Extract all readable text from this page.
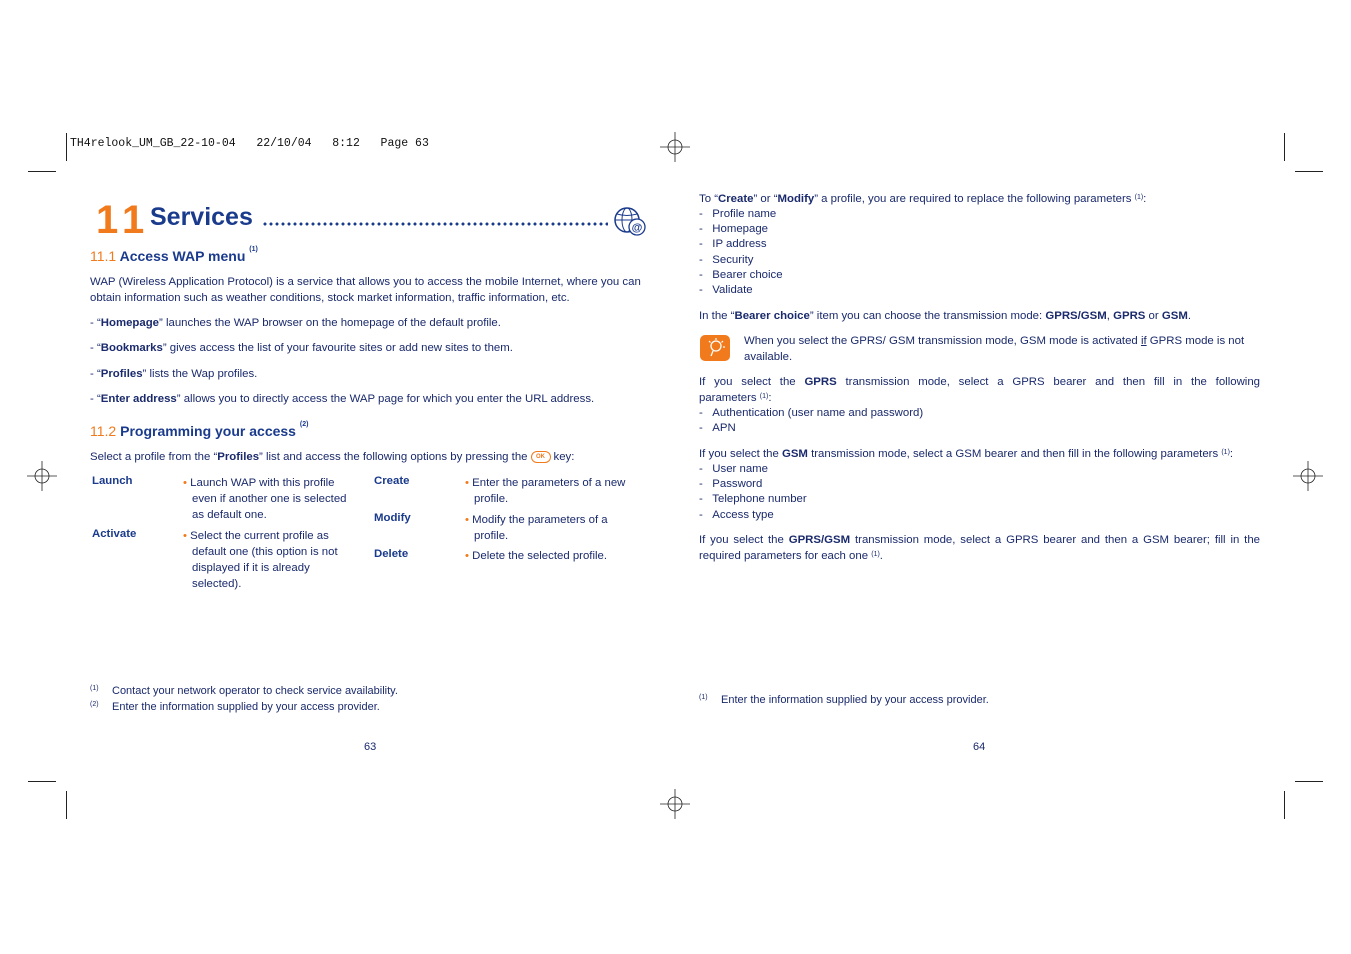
TH4relook_UM_GB_22-10-04   22/10/04   8:12   Page 63
11 Services	@
11.1 Access WAP menu $^{(1)}$
WAP (Wireless Application Protocol) is a service that allows you to access the mobile Internet, where you can obtain information such as weather conditions, stock market information, traffic information, etc.
- “Homepage” launches the WAP browser on the homepage of the default profile.
- “Bookmarks” gives access the list of your favourite sites or add new sites to them.
- “Profiles” lists the Wap profiles.
- “Enter address” allows you to directly access the WAP page for which you enter the URL address.
11.2 Programming your access $^{(2)}$
Select a profile from the “Profiles” list and access the following options by pressing the OK key:
Launch	• Launch WAP with this profile
even if another one is selected
as default one.
Activate	• Select the current profile as
default one (this option is not
displayed if it is already
selected).
Create	• Enter the parameters of a new
profile.
Modify	• Modify the parameters of a
profile.
Delete	• Delete the selected profile.
$^{(1)}$ Contact your network operator to check service availability.
$^{(2)}$ Enter the information supplied by your access provider.
63
To “Create” or “Modify” a profile, you are required to replace the following parameters $^{(1)}$:
-   Profile name
-   Homepage
-   IP address
-   Security
-   Bearer choice
-   Validate
In the “Bearer choice” item you can choose the transmission mode: GPRS/GSM, GPRS or GSM.
When you select the GPRS/ GSM transmission mode, GSM mode is activated if GPRS mode is not
available.
If you select the GPRS transmission mode, select a GPRS bearer and then fill in the following
parameters $^{(1)}$:
-   Authentication (user name and password)
-   APN
If you select the GSM transmission mode, select a GSM bearer and then fill in the following parameters $^{(1)}$:
-   User name
-   Password
-   Telephone number
-   Access type
If you select the GPRS/GSM transmission mode, select a GPRS bearer and then a GSM bearer; fill in the
required parameters for each one $^{(1)}$.
$^{(1)}$ Enter the information supplied by your access provider.
64
